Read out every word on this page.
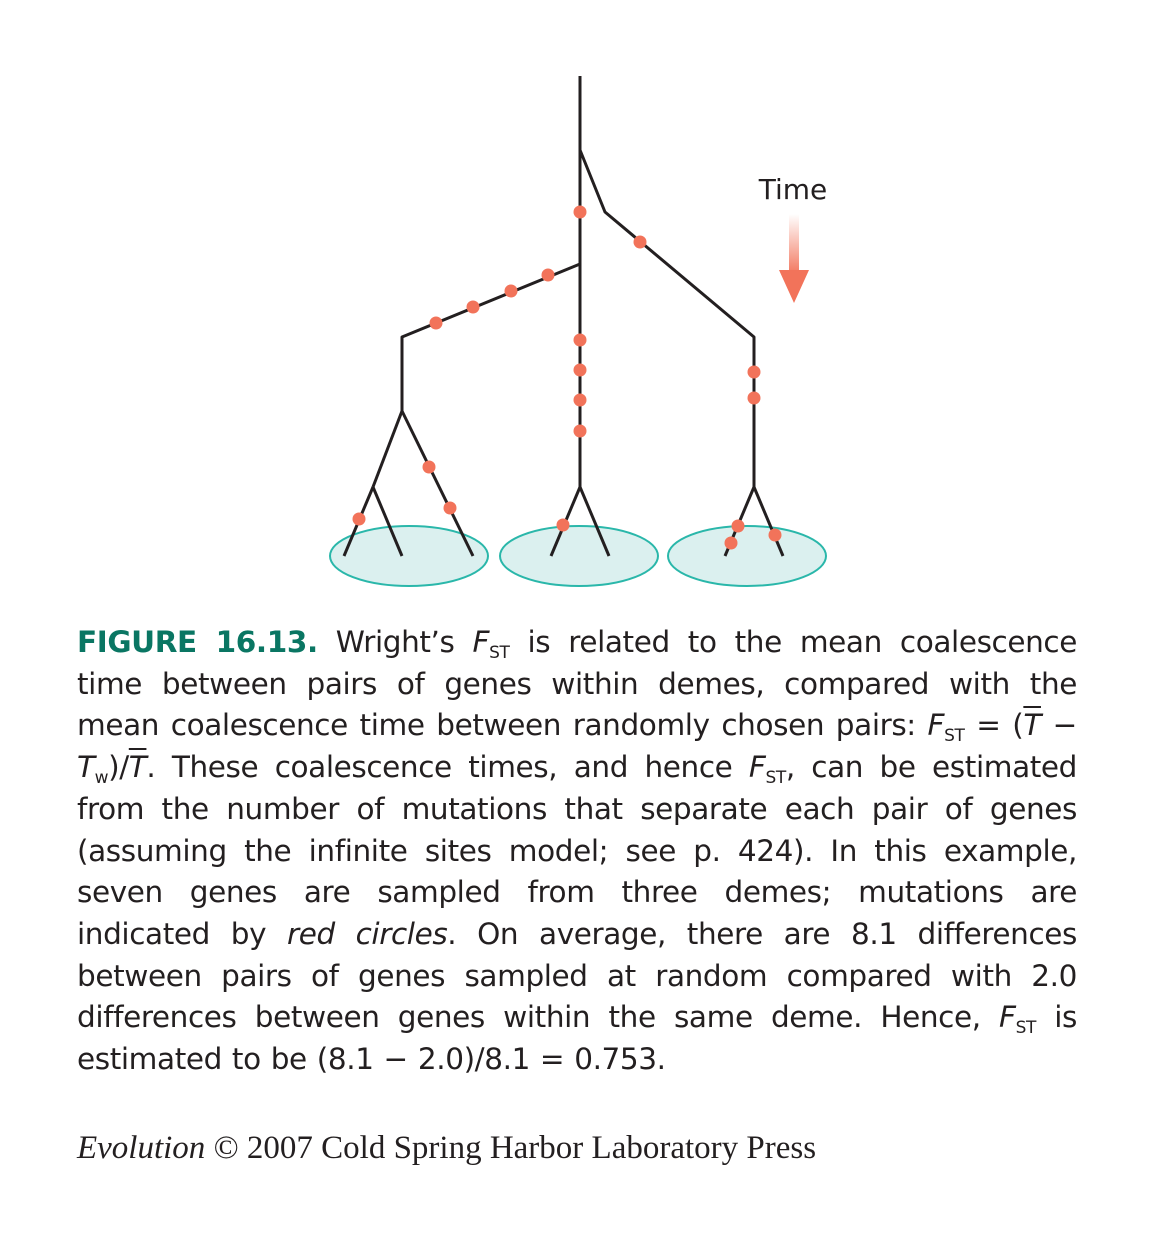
Time
FIGURE 16.13. Wright’s $F_{ST}$ is related to the mean coalescence time between pairs of genes within demes, compared with the mean coalescence time between randomly chosen pairs: $F_{ST} = (\overline{T} - T_w)/\overline{T}$. These coalescence times, and hence $F_{ST}$, can be estimated from the number of mutations that separate each pair of genes (assuming the infinite sites model; see p. 424). In this example, seven genes are sampled from three demes; mutations are indicated by red circles. On average, there are 8.1 differences between pairs of genes sampled at random compared with 2.0 differences between genes within the same deme. Hence, $F_{ST}$ is estimated to be (8.1 − 2.0)/8.1 = 0.753.
Evolution © 2007 Cold Spring Harbor Laboratory Press
